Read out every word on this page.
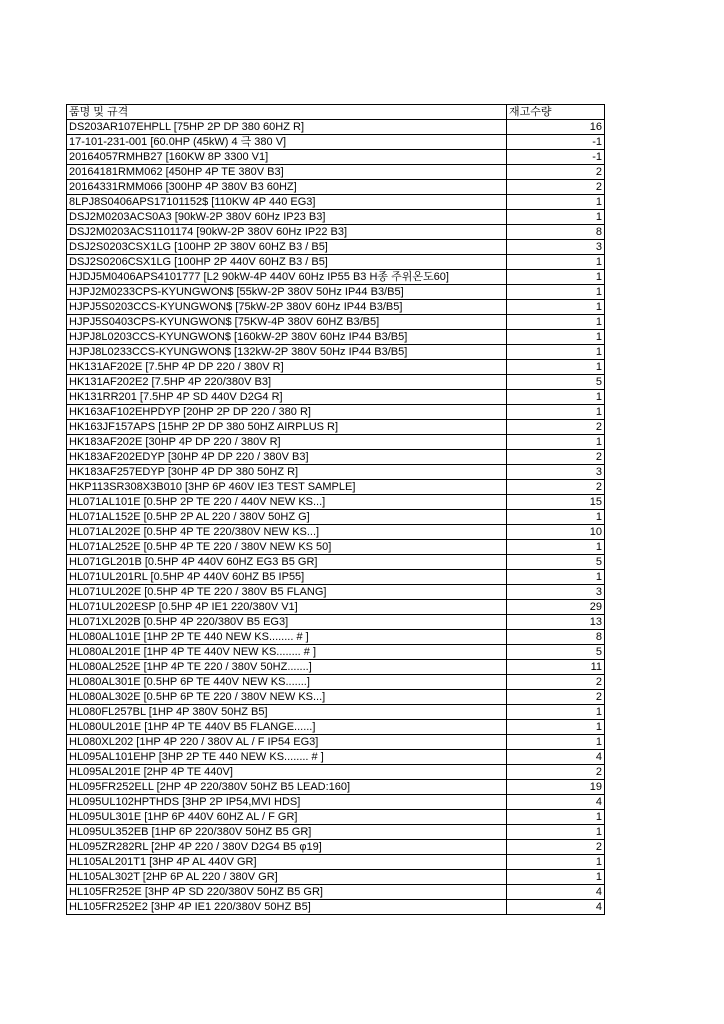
품명 및 규격	재고수량
DS203AR107EHPLL [75HP 2P DP 380 60HZ R]	16
17-101-231-001 [60.0HP (45kW) 4 극 380 V]	-1
20164057RMHB27 [160KW 8P 3300 V1]	-1
20164181RMM062 [450HP 4P TE 380V B3]	2
20164331RMM066 [300HP 4P 380V B3 60HZ]	2
8LPJ8S0406APS17101152$ [110KW 4P 440 EG3]	1
DSJ2M0203ACS0A3 [90kW-2P 380V 60Hz IP23 B3]	1
DSJ2M0203ACS1101174 [90kW-2P 380V 60Hz IP22 B3]	8
DSJ2S0203CSX1LG [100HP 2P 380V 60HZ B3 / B5]	3
DSJ2S0206CSX1LG [100HP 2P 440V 60HZ B3 / B5]	1
HJDJ5M0406APS4101777 [L2 90kW-4P 440V 60Hz IP55 B3 H종 주위온도60]	1
HJPJ2M0233CPS-KYUNGWON$ [55kW-2P 380V 50Hz IP44 B3/B5]	1
HJPJ5S0203CCS-KYUNGWON$ [75kW-2P 380V 60Hz IP44 B3/B5]	1
HJPJ5S0403CPS-KYUNGWON$ [75KW-4P 380V 60HZ B3/B5]	1
HJPJ8L0203CCS-KYUNGWON$ [160kW-2P 380V 60Hz IP44 B3/B5]	1
HJPJ8L0233CCS-KYUNGWON$ [132kW-2P 380V 50Hz IP44 B3/B5]	1
HK131AF202E [7.5HP 4P DP 220 / 380V R]	1
HK131AF202E2 [7.5HP 4P 220/380V B3]	5
HK131RR201 [7.5HP 4P SD 440V D2G4 R]	1
HK163AF102EHPDYP [20HP 2P DP 220 / 380 R]	1
HK163JF157APS [15HP 2P DP 380 50HZ AIRPLUS R]	2
HK183AF202E [30HP 4P DP 220 / 380V R]	1
HK183AF202EDYP [30HP 4P DP 220 / 380V B3]	2
HK183AF257EDYP [30HP 4P DP 380 50HZ R]	3
HKP113SR308X3B010 [3HP 6P 460V IE3 TEST SAMPLE]	2
HL071AL101E [0.5HP 2P TE 220 / 440V NEW KS...]	15
HL071AL152E [0.5HP 2P AL 220 / 380V 50HZ G]	1
HL071AL202E [0.5HP 4P TE 220/380V NEW KS...]	10
HL071AL252E [0.5HP 4P TE 220 / 380V NEW KS 50]	1
HL071GL201B [0.5HP 4P 440V 60HZ EG3 B5 GR]	5
HL071UL201RL [0.5HP 4P 440V 60HZ B5 IP55]	1
HL071UL202E [0.5HP 4P TE 220 / 380V B5 FLANG]	3
HL071UL202ESP [0.5HP 4P IE1 220/380V V1]	29
HL071XL202B [0.5HP 4P 220/380V B5 EG3]	13
HL080AL101E [1HP 2P TE 440 NEW KS........ # ]	8
HL080AL201E [1HP 4P TE 440V NEW KS........ # ]	5
HL080AL252E [1HP 4P TE 220 / 380V 50HZ.......]	11
HL080AL301E [0.5HP 6P TE 440V NEW KS.......]	2
HL080AL302E [0.5HP 6P TE 220 / 380V NEW KS...]	2
HL080FL257BL [1HP 4P 380V 50HZ B5]	1
HL080UL201E [1HP 4P TE 440V B5 FLANGE......]	1
HL080XL202 [1HP 4P 220 / 380V AL / F IP54 EG3]	1
HL095AL101EHP [3HP 2P TE 440 NEW KS........ # ]	4
HL095AL201E [2HP 4P TE 440V]	2
HL095FR252ELL [2HP 4P 220/380V 50HZ B5 LEAD:160]	19
HL095UL102HPTHDS [3HP 2P IP54,MVI HDS]	4
HL095UL301E [1HP 6P 440V 60HZ AL / F GR]	1
HL095UL352EB [1HP 6P 220/380V 50HZ B5 GR]	1
HL095ZR282RL [2HP 4P 220 / 380V D2G4 B5 φ19]	2
HL105AL201T1 [3HP 4P AL 440V GR]	1
HL105AL302T [2HP 6P AL 220 / 380V GR]	1
HL105FR252E [3HP 4P SD 220/380V 50HZ B5 GR]	4
HL105FR252E2 [3HP 4P IE1 220/380V 50HZ B5]	4
